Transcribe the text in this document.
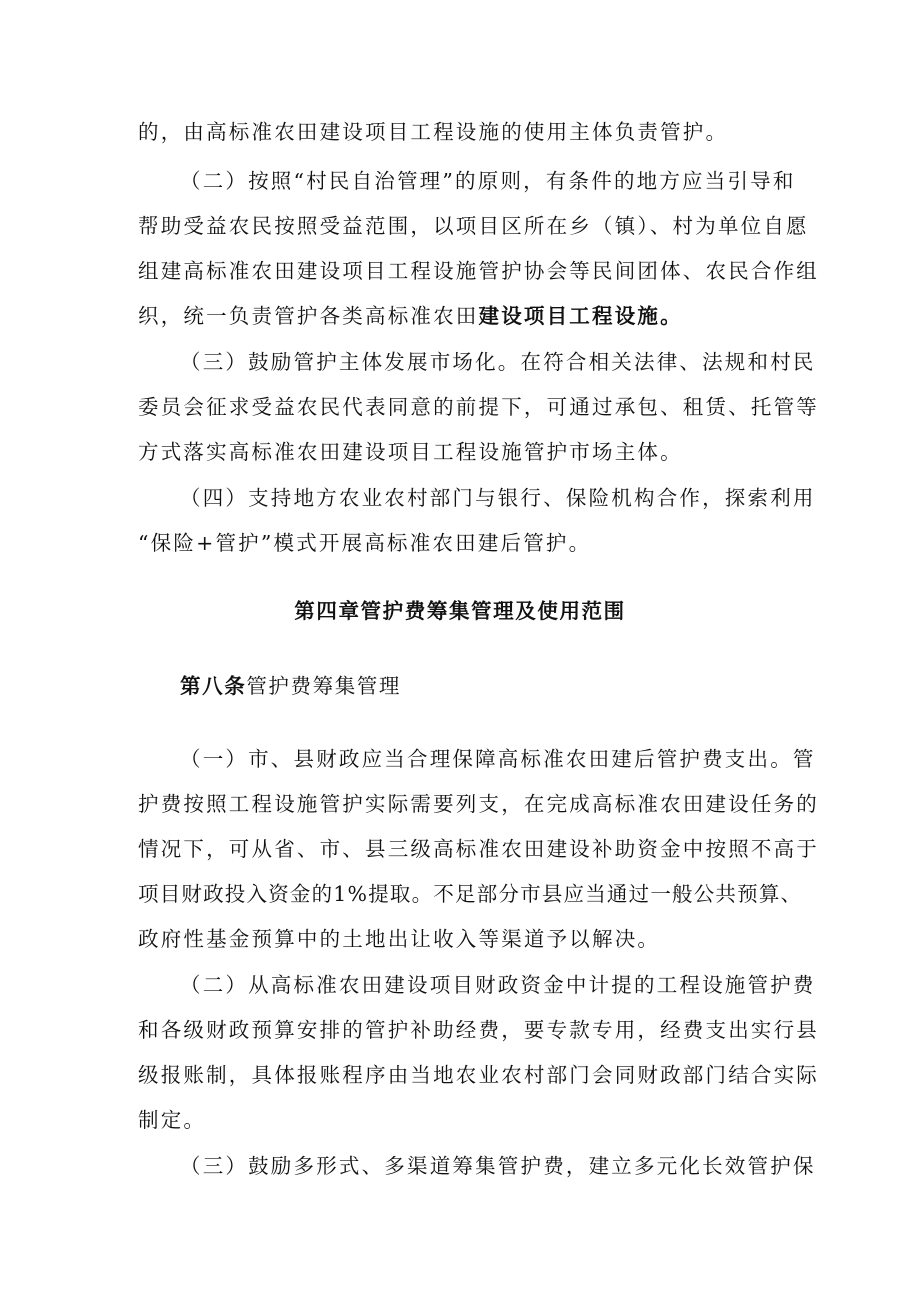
的，由高标准农田建设项目工程设施的使用主体负责管护。
（二）按照“村民自治管理”的原则，有条件的地方应当引导和
帮助受益农民按照受益范围，以项目区所在乡（镇）、村为单位自愿
组建高标准农田建设项目工程设施管护协会等民间团体、农民合作组
织，统一负责管护各类高标准农田建设项目工程设施。
（三）鼓励管护主体发展市场化。在符合相关法律、法规和村民
委员会征求受益农民代表同意的前提下，可通过承包、租赁、托管等
方式落实高标准农田建设项目工程设施管护市场主体。
（四）支持地方农业农村部门与银行、保险机构合作，探索利用
“保险+管护”模式开展高标准农田建后管护。
第四章管护费筹集管理及使用范围
第八条管护费筹集管理
（一）市、县财政应当合理保障高标准农田建后管护费支出。管
护费按照工程设施管护实际需要列支，在完成高标准农田建设任务的
情况下，可从省、市、县三级高标准农田建设补助资金中按照不高于
项目财政投入资金的1%提取。不足部分市县应当通过一般公共预算、
政府性基金预算中的土地出让收入等渠道予以解决。
（二）从高标准农田建设项目财政资金中计提的工程设施管护费
和各级财政预算安排的管护补助经费，要专款专用，经费支出实行县
级报账制，具体报账程序由当地农业农村部门会同财政部门结合实际
制定。
（三）鼓励多形式、多渠道筹集管护费，建立多元化长效管护保
